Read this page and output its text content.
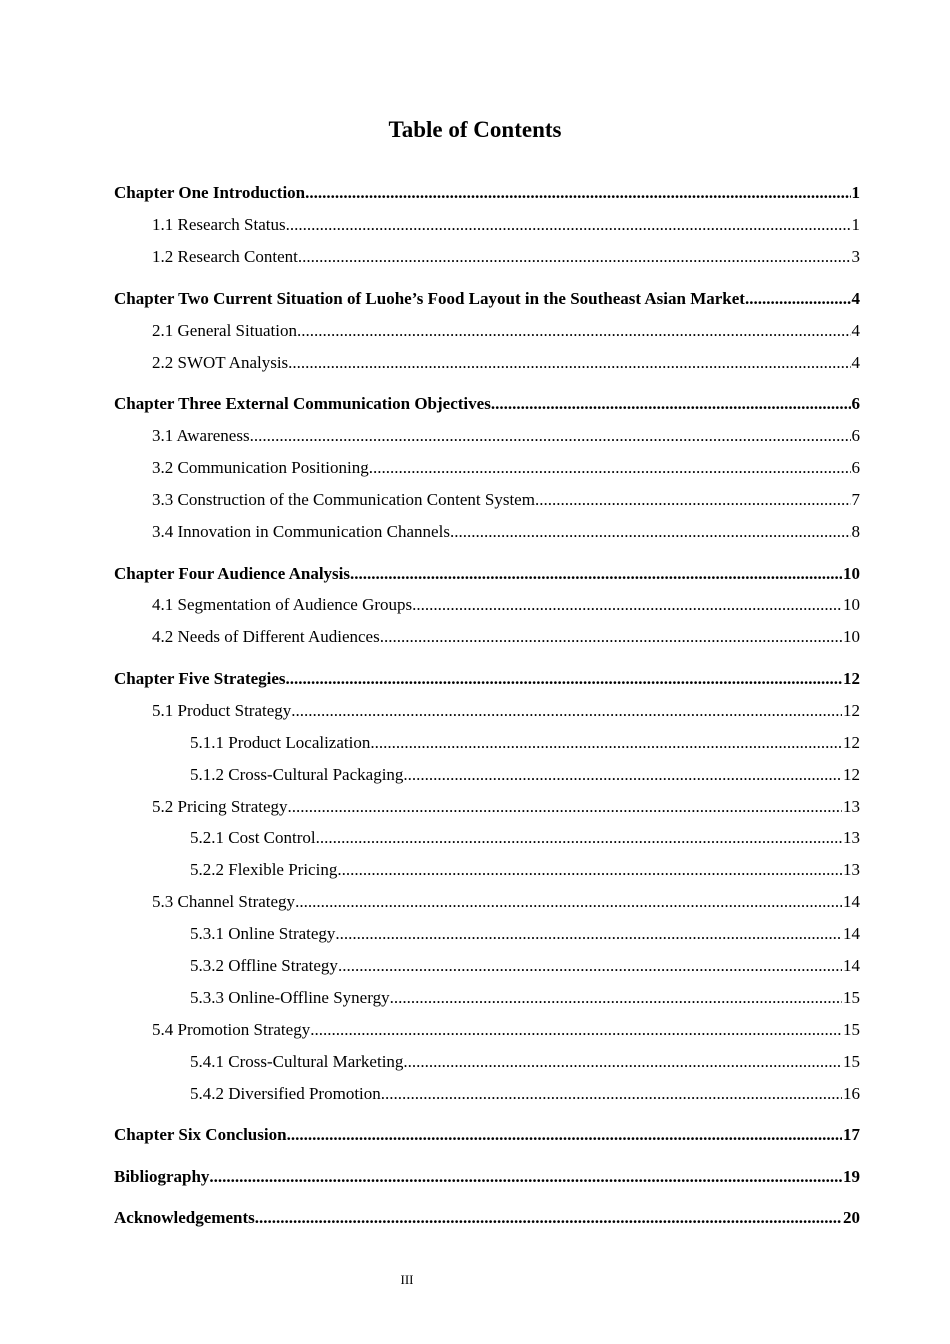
Table of Contents
Chapter One Introduction .....	1
1.1 Research Status .....	1
1.2 Research Content .....	3
Chapter Two Current Situation of Luohe’s Food Layout in the Southeast Asian Market .....	4
2.1 General Situation .....	4
2.2 SWOT Analysis .....	4
Chapter Three External Communication Objectives .....	6
3.1 Awareness .....	6
3.2 Communication Positioning .....	6
3.3 Construction of the Communication Content System .....	7
3.4 Innovation in Communication Channels .....	8
Chapter Four Audience Analysis .....	10
4.1 Segmentation of Audience Groups .....	10
4.2 Needs of Different Audiences .....	10
Chapter Five Strategies .....	12
5.1 Product Strategy .....	12
5.1.1 Product Localization .....	12
5.1.2 Cross-Cultural Packaging .....	12
5.2 Pricing Strategy .....	13
5.2.1 Cost Control .....	13
5.2.2 Flexible Pricing .....	13
5.3 Channel Strategy .....	14
5.3.1 Online Strategy .....	14
5.3.2 Offline Strategy .....	14
5.3.3 Online-Offline Synergy .....	15
5.4 Promotion Strategy .....	15
5.4.1 Cross-Cultural Marketing .....	15
5.4.2 Diversified Promotion .....	16
Chapter Six Conclusion .....	17
Bibliography .....	19
Acknowledgements .....	20
III
